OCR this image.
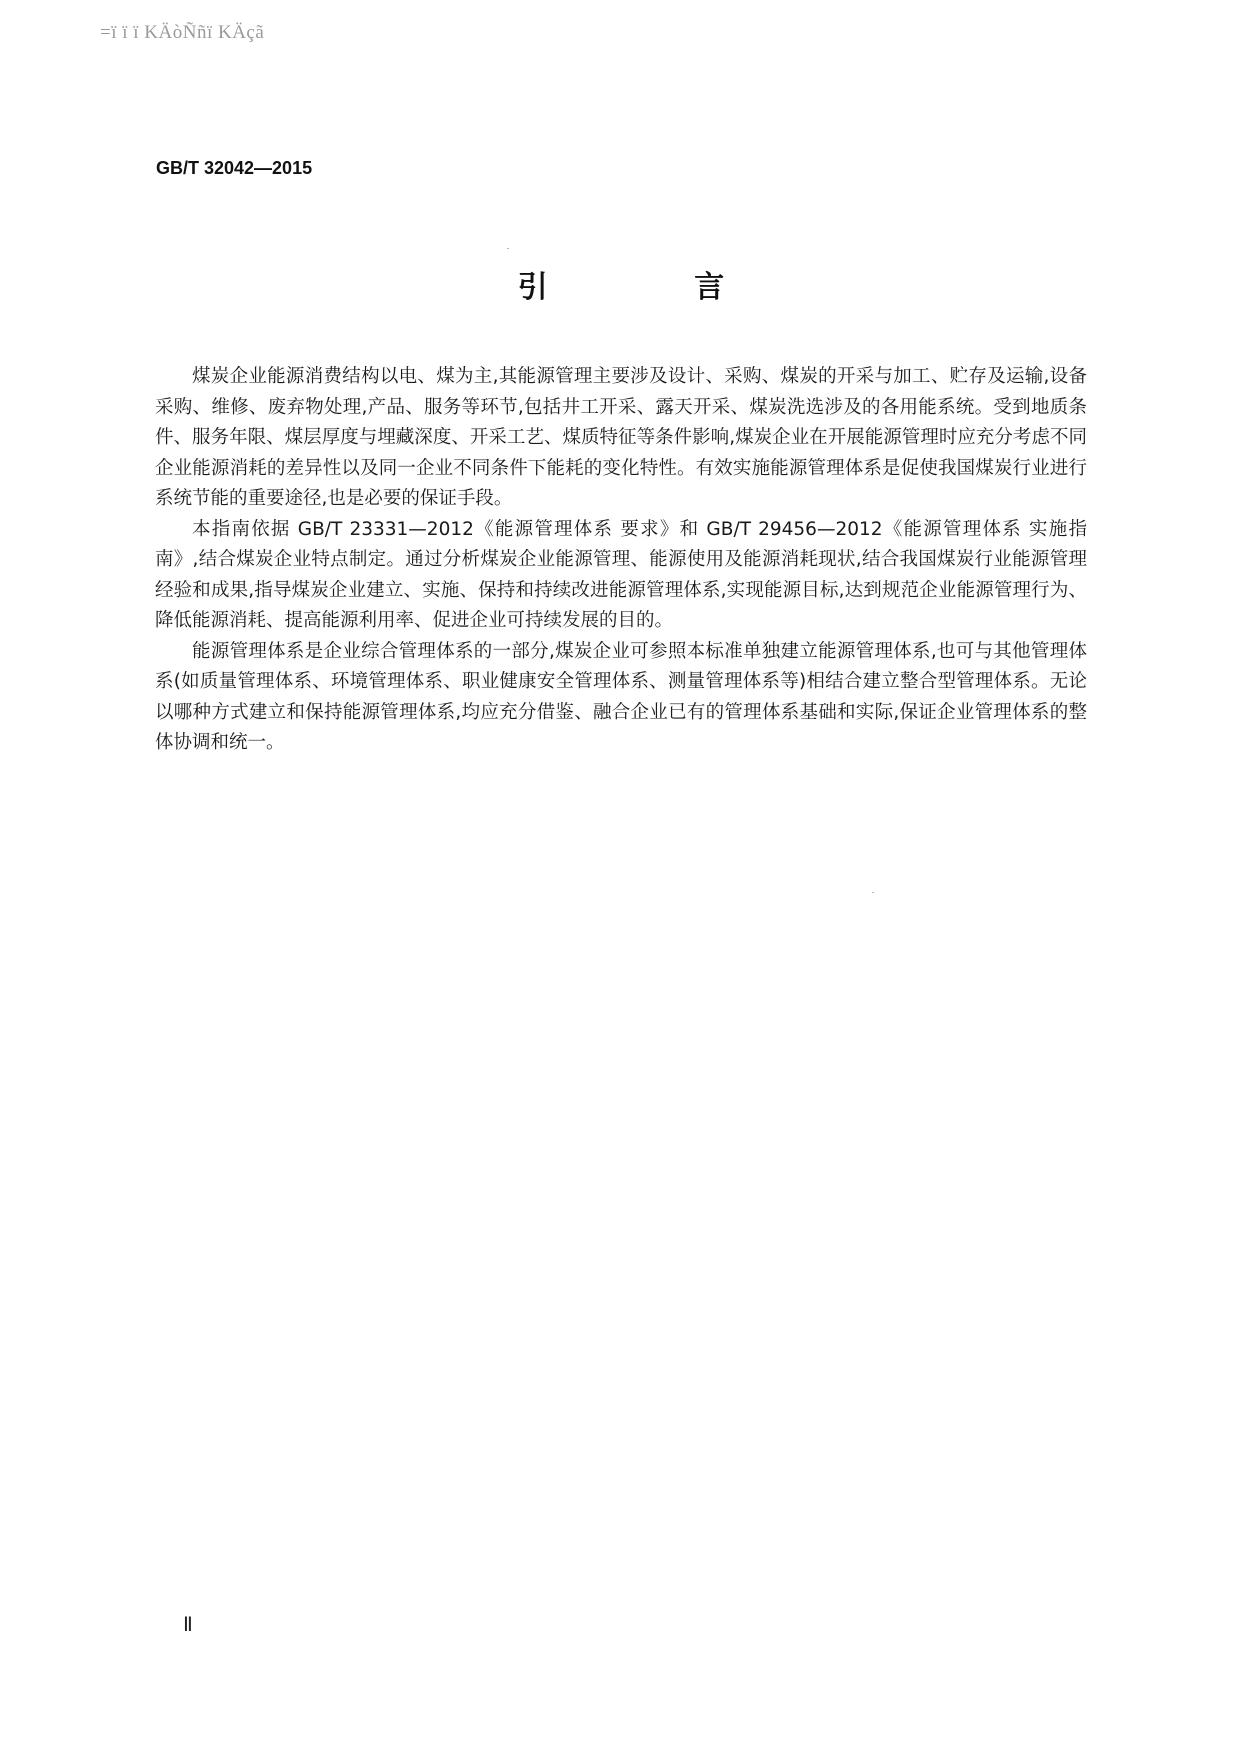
=ï ï ï KÄòÑñï KÄçã
GB/T 32042—2015
引 言

煤炭企业能源消费结构以电、煤为主,其能源管理主要涉及设计、采购、煤炭的开采与加工、贮存及运输,设备采购、维修、废弃物处理,产品、服务等环节,包括井工开采、露天开采、煤炭洗选涉及的各用能系统。受到地质条件、服务年限、煤层厚度与埋藏深度、开采工艺、煤质特征等条件影响,煤炭企业在开展能源管理时应充分考虑不同企业能源消耗的差异性以及同一企业不同条件下能耗的变化特性。有效实施能源管理体系是促使我国煤炭行业进行系统节能的重要途径,也是必要的保证手段。

本指南依据 GB/T 23331—2012《能源管理体系 要求》和 GB/T 29456—2012《能源管理体系 实施指南》,结合煤炭企业特点制定。通过分析煤炭企业能源管理、能源使用及能源消耗现状,结合我国煤炭行业能源管理经验和成果,指导煤炭企业建立、实施、保持和持续改进能源管理体系,实现能源目标,达到规范企业能源管理行为、降低能源消耗、提高能源利用率、促进企业可持续发展的目的。

能源管理体系是企业综合管理体系的一部分,煤炭企业可参照本标准单独建立能源管理体系,也可与其他管理体系(如质量管理体系、环境管理体系、职业健康安全管理体系、测量管理体系等)相结合建立整合型管理体系。无论以哪种方式建立和保持能源管理体系,均应充分借鉴、融合企业已有的管理体系基础和实际,保证企业管理体系的整体协调和统一。

Ⅱ
